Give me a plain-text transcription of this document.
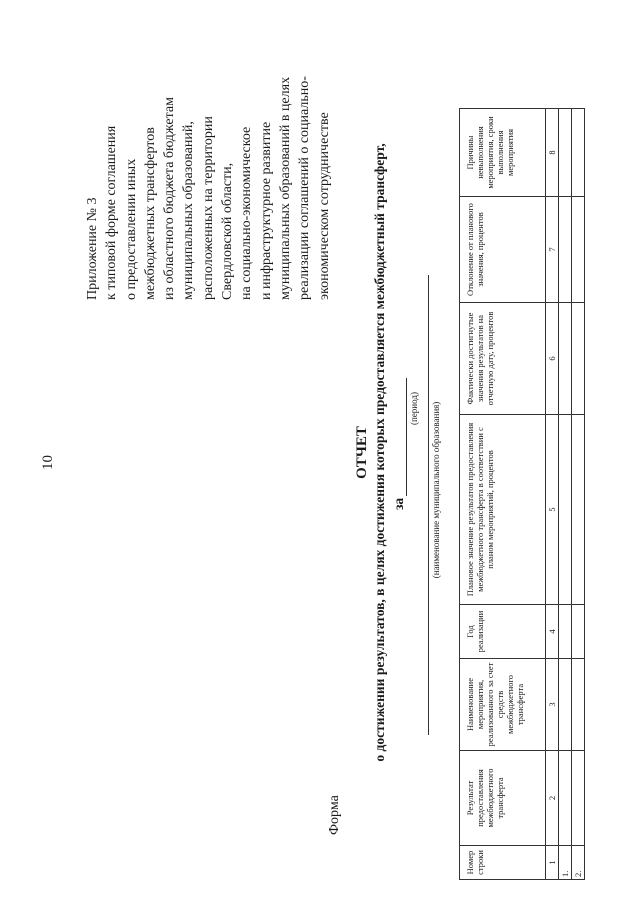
10
Приложение № 3 к типовой форме соглашения о предоставлении иных межбюджетных трансфертов из областного бюджета бюджетам муниципальных образований, расположенных на территории Свердловской области, на социально-экономическое и инфраструктурное развитие муниципальных образований в целях реализации соглашений о социально- экономическом сотрудничестве
Форма
ОТЧЕТ о достижении результатов, в целях достижения которых предоставляется межбюджетный трансферт, за
(период) (наименование муниципального образования)
Номер строки	Результат предоставления межбюджетного трансферта	Наименование мероприятия, реализованного за счет средств межбюджетного трансферта	Год реализации	Плановое значение результатов предоставления межбюджетного трансферта в соответствии с планом мероприятий, процентов	Фактически достигнутые значения результатов на отчетную дату, процентов	Отклонение от планового значения, процентов	Причины невыполнения мероприятия, сроки выполнения мероприятия
1	2	3	4	5	6	7	8
1.							
2.							
